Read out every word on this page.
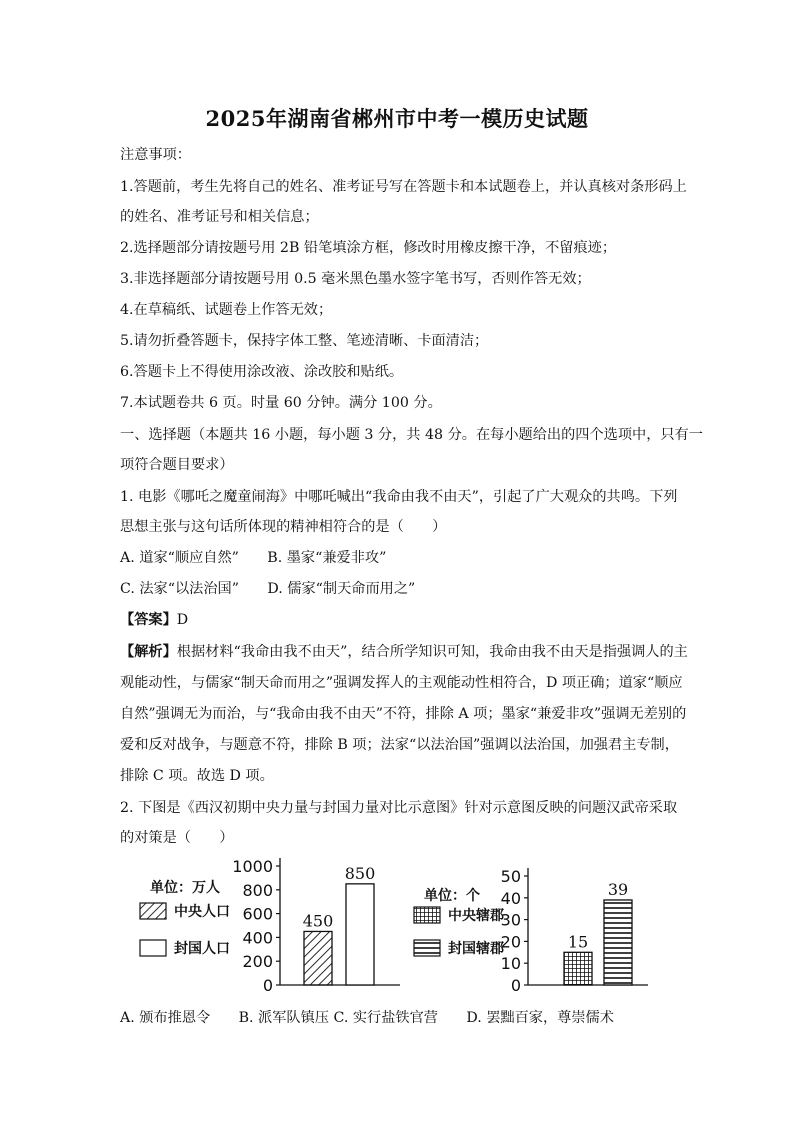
2025年湖南省郴州市中考一模历史试题
注意事项：
1.答题前，考生先将自己的姓名、准考证号写在答题卡和本试题卷上，并认真核对条形码上
的姓名、准考证号和相关信息；
2.选择题部分请按题号用 2B 铅笔填涂方框，修改时用橡皮擦干净，不留痕迹；
3.非选择题部分请按题号用 0.5 毫米黑色墨水签字笔书写，否则作答无效；
4.在草稿纸、试题卷上作答无效；
5.请勿折叠答题卡，保持字体工整、笔迹清晰、卡面清洁；
6.答题卡上不得使用涂改液、涂改胶和贴纸。
7.本试题卷共 6 页。时量 60 分钟。满分 100 分。
一、选择题（本题共 16 小题，每小题 3 分，共 48 分。在每小题给出的四个选项中，只有一
项符合题目要求）
1. 电影《哪吒之魔童闹海》中哪吒喊出“我命由我不由天”，引起了广大观众的共鸣。下列
思想主张与这句话所体现的精神相符合的是（　　）
A. 道家“顺应自然”　　B. 墨家“兼爱非攻”
C. 法家“以法治国”　　D. 儒家“制天命而用之”
【答案】D
【解析】根据材料“我命由我不由天”，结合所学知识可知，我命由我不由天是指强调人的主
观能动性，与儒家“制天命而用之”强调发挥人的主观能动性相符合，D 项正确；道家“顺应
自然”强调无为而治，与“我命由我不由天”不符，排除 A 项；墨家“兼爱非攻”强调无差别的
爱和反对战争，与题意不符，排除 B 项；法家“以法治国”强调以法治国，加强君主专制，
排除 C 项。故选 D 项。
2. 下图是《西汉初期中央力量与封国力量对比示意图》针对示意图反映的问题汉武帝采取
的对策是（　　）
单位：万人
中央人口
封国人口
0
200
400
600
800
1000
450
850
单位：个
中央辖郡
封国辖郡
0
10
20
30
40
50
15
39
A. 颁布推恩令　　B. 派军队镇压 C. 实行盐铁官营　　D. 罢黜百家，尊崇儒术
